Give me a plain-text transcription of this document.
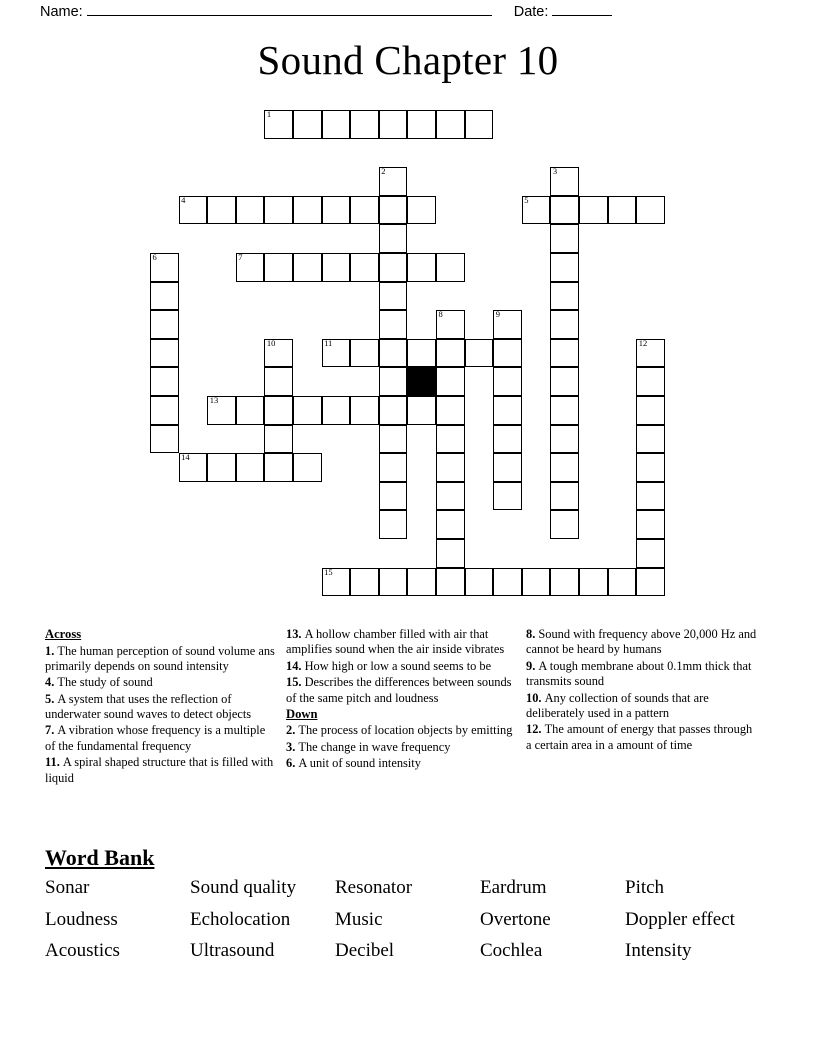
Name:	Date:
Sound Chapter 10
1
2	3
4	5
6	7
8	9
10	11	12
13
14
15
Across

1. The human perception of sound volume ans primarily depends on sound intensity

4. The study of sound

5. A system that uses the reflection of underwater sound waves to detect objects

7. A vibration whose frequency is a multiple of the fundamental frequency

11. A spiral shaped structure that is filled with liquid

13. A hollow chamber filled with air that amplifies sound when the air inside vibrates

14. How high or low a sound seems to be

15. Describes the differences between sounds of the same pitch and loudness

Down

2. The process of location objects by emitting

3. The change in wave frequency

6. A unit of sound intensity

8. Sound with frequency above 20,000 Hz and cannot be heard by humans

9. A tough membrane about 0.1mm thick that transmits sound

10. Any collection of sounds that are deliberately used in a pattern

12. The amount of energy that passes through a certain area in a amount of time

Word Bank
Sonar	Sound quality	Resonator	Eardrum	Pitch
Loudness	Echolocation	Music	Overtone	Doppler effect
Acoustics	Ultrasound	Decibel	Cochlea	Intensity
